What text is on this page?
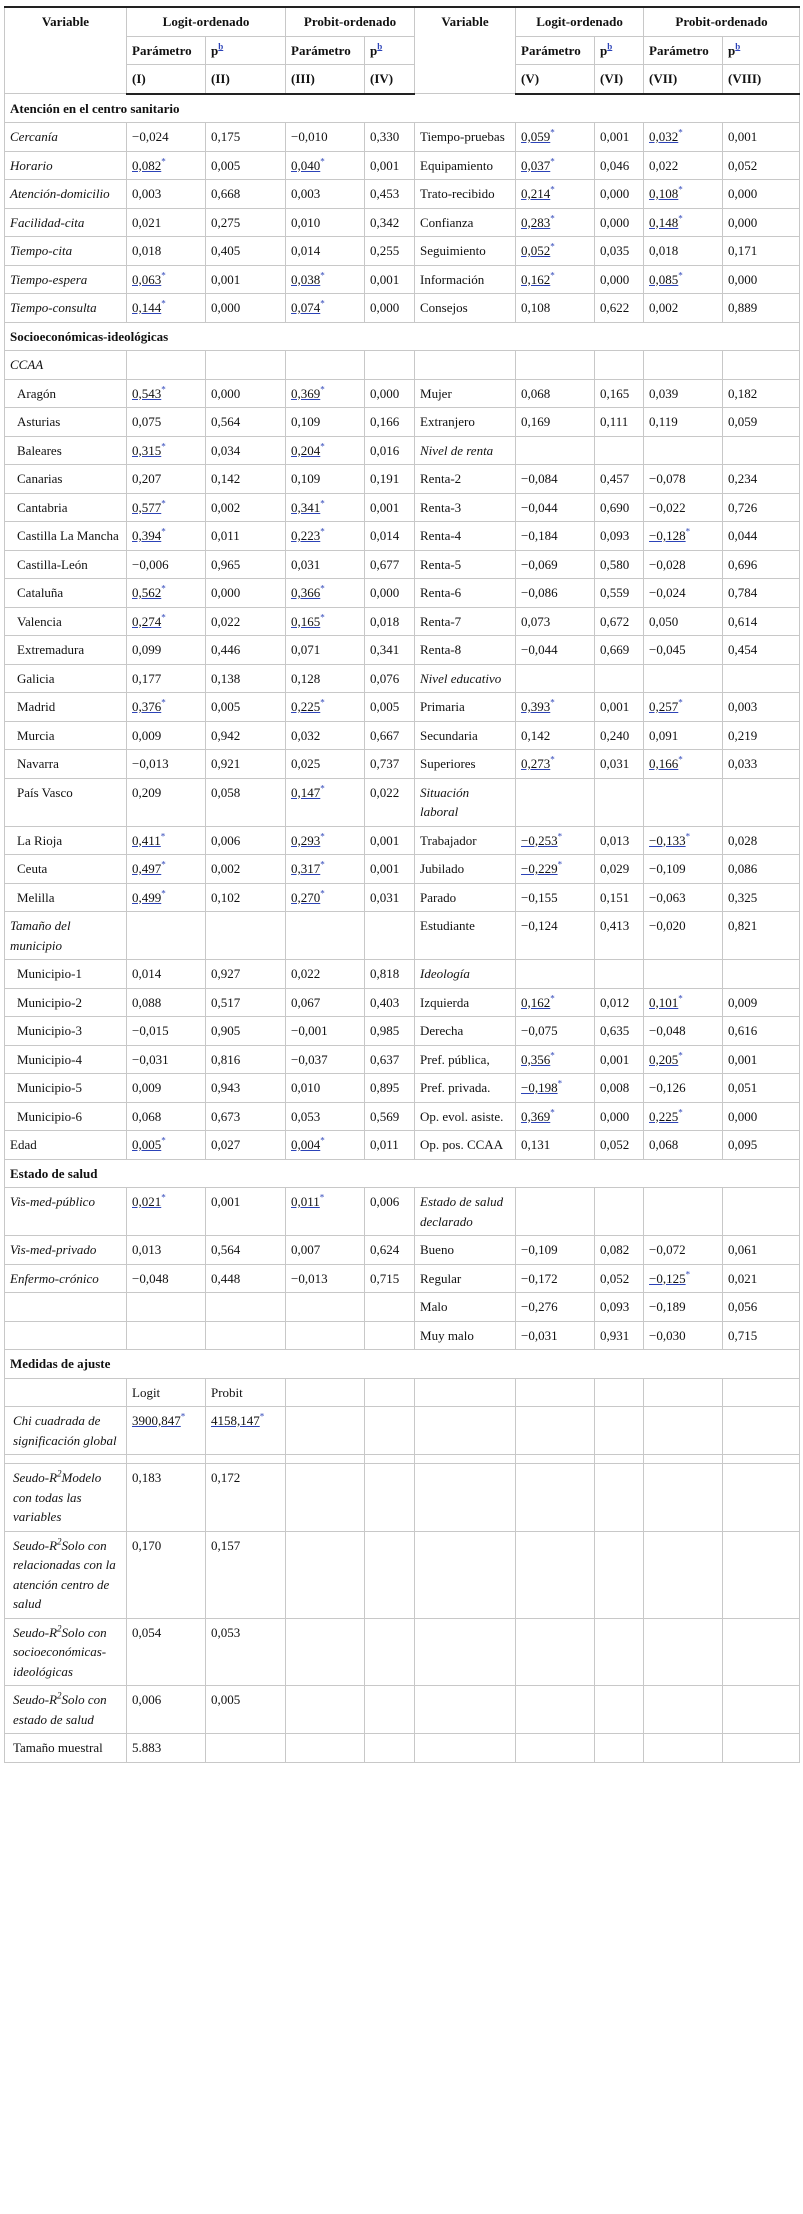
Variable	Logit-ordenado		Probit-ordenado		Variable	Logit-ordenado		Probit-ordenado	
	Parámetro	$p^b$	Parámetro	$p^b$		Parámetro	$p^b$	Parámetro	$p^b$
	(I)	(II)	(III)	(IV)		(V)	(VI)	(VII)	(VIII)
Atención en el centro sanitario									
Cercanía	−0,024	0,175	−0,010	0,330	Tiempo-pruebas	0,059*	0,001	0,032*	0,001
Horario	0,082*	0,005	0,040*	0,001	Equipamiento	0,037*	0,046	0,022	0,052
Atención-domicilio	0,003	0,668	0,003	0,453	Trato-recibido	0,214*	0,000	0,108*	0,000
Facilidad-cita	0,021	0,275	0,010	0,342	Confianza	0,283*	0,000	0,148*	0,000
Tiempo-cita	0,018	0,405	0,014	0,255	Seguimiento	0,052*	0,035	0,018	0,171
Tiempo-espera	0,063*	0,001	0,038*	0,001	Información	0,162*	0,000	0,085*	0,000
Tiempo-consulta	0,144*	0,000	0,074*	0,000	Consejos	0,108	0,622	0,002	0,889
Socioeconómicas-ideológicas									
CCAA									
Aragón	0,543*	0,000	0,369*	0,000	Mujer	0,068	0,165	0,039	0,182
Asturias	0,075	0,564	0,109	0,166	Extranjero	0,169	0,111	0,119	0,059
Baleares	0,315*	0,034	0,204*	0,016	Nivel de renta				
Canarias	0,207	0,142	0,109	0,191	Renta-2	−0,084	0,457	−0,078	0,234
Cantabria	0,577*	0,002	0,341*	0,001	Renta-3	−0,044	0,690	−0,022	0,726
Castilla La Mancha	0,394*	0,011	0,223*	0,014	Renta-4	−0,184	0,093	−0,128*	0,044
Castilla-León	−0,006	0,965	0,031	0,677	Renta-5	−0,069	0,580	−0,028	0,696
Cataluña	0,562*	0,000	0,366*	0,000	Renta-6	−0,086	0,559	−0,024	0,784
Valencia	0,274*	0,022	0,165*	0,018	Renta-7	0,073	0,672	0,050	0,614
Extremadura	0,099	0,446	0,071	0,341	Renta-8	−0,044	0,669	−0,045	0,454
Galicia	0,177	0,138	0,128	0,076	Nivel educativo				
Madrid	0,376*	0,005	0,225*	0,005	Primaria	0,393*	0,001	0,257*	0,003
Murcia	0,009	0,942	0,032	0,667	Secundaria	0,142	0,240	0,091	0,219
Navarra	−0,013	0,921	0,025	0,737	Superiores	0,273*	0,031	0,166*	0,033
País Vasco	0,209	0,058	0,147*	0,022	Situación laboral				
La Rioja	0,411*	0,006	0,293*	0,001	Trabajador	−0,253*	0,013	−0,133*	0,028
Ceuta	0,497*	0,002	0,317*	0,001	Jubilado	−0,229*	0,029	−0,109	0,086
Melilla	0,499*	0,102	0,270*	0,031	Parado	−0,155	0,151	−0,063	0,325
Tamaño del municipio					Estudiante	−0,124	0,413	−0,020	0,821
Municipio-1	0,014	0,927	0,022	0,818	Ideología				
Municipio-2	0,088	0,517	0,067	0,403	Izquierda	0,162*	0,012	0,101*	0,009
Municipio-3	−0,015	0,905	−0,001	0,985	Derecha	−0,075	0,635	−0,048	0,616
Municipio-4	−0,031	0,816	−0,037	0,637	Pref. pública,	0,356*	0,001	0,205*	0,001
Municipio-5	0,009	0,943	0,010	0,895	Pref. privada.	−0,198*	0,008	−0,126	0,051
Municipio-6	0,068	0,673	0,053	0,569	Op. evol. asiste.	0,369*	0,000	0,225*	0,000
Edad	0,005*	0,027	0,004*	0,011	Op. pos. CCAA	0,131	0,052	0,068	0,095
Estado de salud									
Vis-med-público	0,021*	0,001	0,011*	0,006	Estado de salud declarado				
Vis-med-privado	0,013	0,564	0,007	0,624	Bueno	−0,109	0,082	−0,072	0,061
Enfermo-crónico	−0,048	0,448	−0,013	0,715	Regular	−0,172	0,052	−0,125*	0,021
					Malo	−0,276	0,093	−0,189	0,056
					Muy malo	−0,031	0,931	−0,030	0,715
Medidas de ajuste									
	Logit	Probit							
Chi cuadrada de significación global	3900,847*	4158,147*							

Seudo-$R^2Modelo$ con todas las variables	0,183	0,172							
Seudo-$R^2Solo$ con relacionadas con la atención centro de salud	0,170	0,157							
Seudo-$R^2Solo$ con socioeconómicas-ideológicas	0,054	0,053							
Seudo-$R^2Solo$ con estado de salud	0,006	0,005							
Tamaño muestral	5.883								
